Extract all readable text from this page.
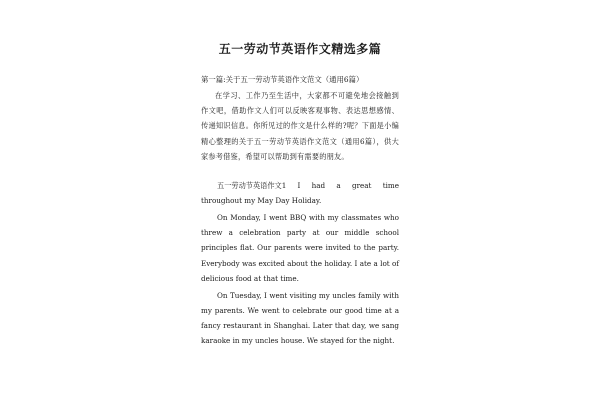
五一劳动节英语作文精选多篇
第一篇:关于五一劳动节英语作文范文（通用6篇）
在学习、工作乃至生活中，大家都不可避免地会接触到作文吧，借助作文人们可以反映客观事物、表达思想感情、传递知识信息。你所见过的作文是什么样的?呢？下面是小编精心整理的关于五一劳动节英语作文范文（通用6篇），供大家参考借鉴，希望可以帮助到有需要的朋友。
五一劳动节英语作文1 I had a great time

throughout my May Day Holiday.

On Monday, I went BBQ with my classmates who threw a celebration party at our middle school principles flat. Our parents were invited to the party. Everybody was excited about the holiday. I ate a lot of delicious food at that time.

On Tuesday, I went visiting my uncles family with my parents. We went to celebrate our good time at a fancy restaurant in Shanghai. Later that day, we sang karaoke in my uncles house. We stayed for the night.
